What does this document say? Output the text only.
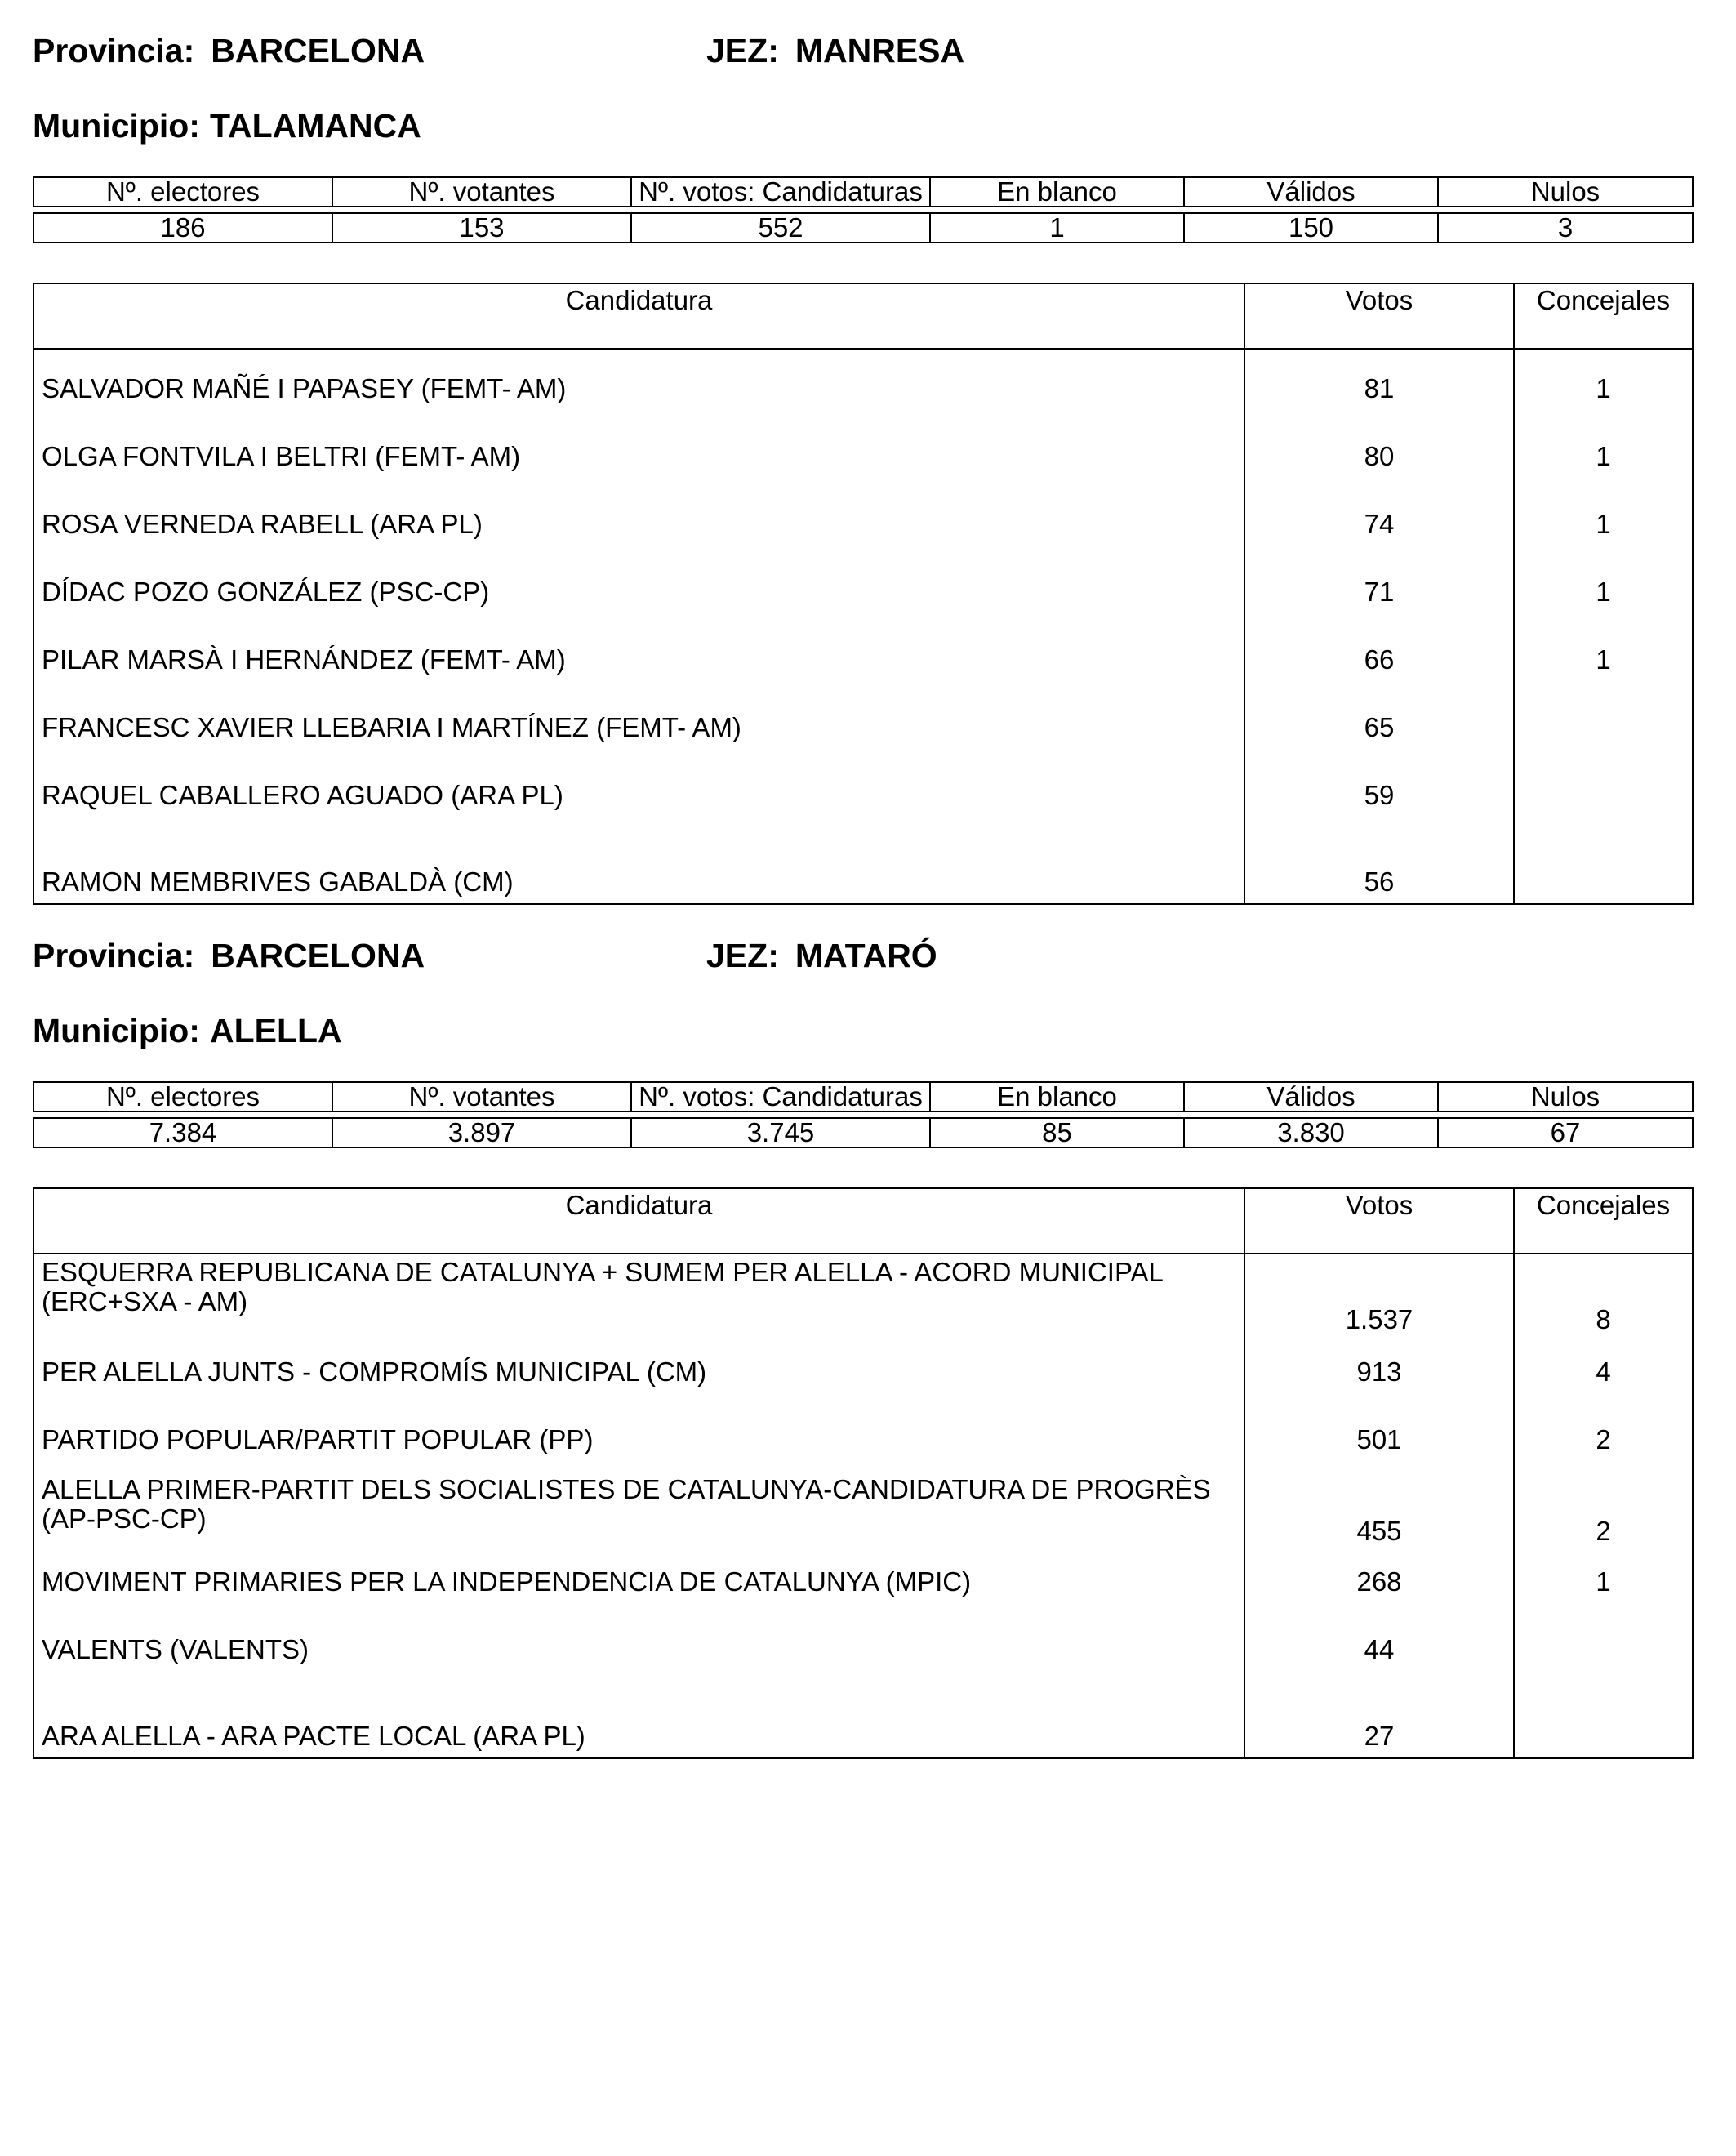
Provincia: BARCELONA	JEZ: MANRESA
Municipio: TALAMANCA
Nº. electores	Nº. votantes	Nº. votos: Candidaturas	En blanco	Válidos	Nulos

186	153	552	1	150	3
Candidatura	Votos	Concejales

SALVADOR MAÑÉ I PAPASEY (FEMT- AM)	81	1
OLGA FONTVILA I BELTRI (FEMT- AM)	80	1
ROSA VERNEDA RABELL (ARA PL)	74	1
DÍDAC POZO GONZÁLEZ (PSC-CP)	71	1
PILAR MARSÀ I HERNÁNDEZ (FEMT- AM)	66	1
FRANCESC XAVIER LLEBARIA I MARTÍNEZ (FEMT- AM)	65	
RAQUEL CABALLERO AGUADO (ARA PL)	59	
RAMON MEMBRIVES GABALDÀ (CM)	56	
Provincia: BARCELONA	JEZ: MATARÓ
Municipio: ALELLA
Nº. electores	Nº. votantes	Nº. votos: Candidaturas	En blanco	Válidos	Nulos

7.384	3.897	3.745	85	3.830	67
Candidatura	Votos	Concejales
ESQUERRA REPUBLICANA DE CATALUNYA + SUMEM PER ALELLA - ACORD MUNICIPAL (ERC+SXA - AM)	1.537	8
PER ALELLA JUNTS - COMPROMÍS MUNICIPAL (CM)	913	4
PARTIDO POPULAR/PARTIT POPULAR (PP)	501	2
ALELLA PRIMER-PARTIT DELS SOCIALISTES DE CATALUNYA-CANDIDATURA DE PROGRÈS (AP-PSC-CP)	455	2
MOVIMENT PRIMARIES PER LA INDEPENDENCIA DE CATALUNYA (MPIC)	268	1
VALENTS (VALENTS)	44	
ARA ALELLA - ARA PACTE LOCAL (ARA PL)	27	
